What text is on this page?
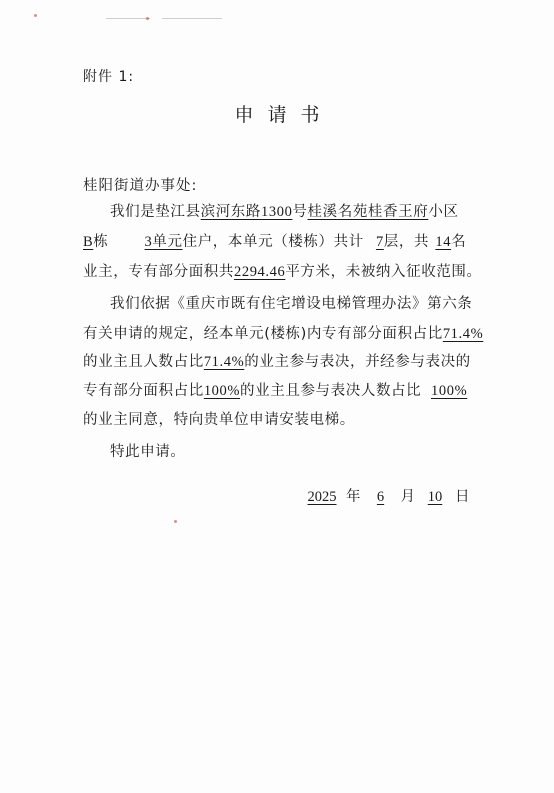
附件 1:
申请书
桂阳街道办事处:
我们是垫江县滨河东路1300号桂溪名苑桂香王府小区
B栋 3单元住户，本单元（楼栋）共计 7层，共 14名
业主，专有部分面积共2294.46平方米，未被纳入征收范围。
我们依据《重庆市既有住宅增设电梯管理办法》第六条
有关申请的规定，经本单元(楼栋)内专有部分面积占比71.4%
的业主且人数占比71.4%的业主参与表决，并经参与表决的
专有部分面积占比100%的业主且参与表决人数占比 100%
的业主同意，特向贵单位申请安装电梯。
特此申请。
2025 年 6 月 10 日
